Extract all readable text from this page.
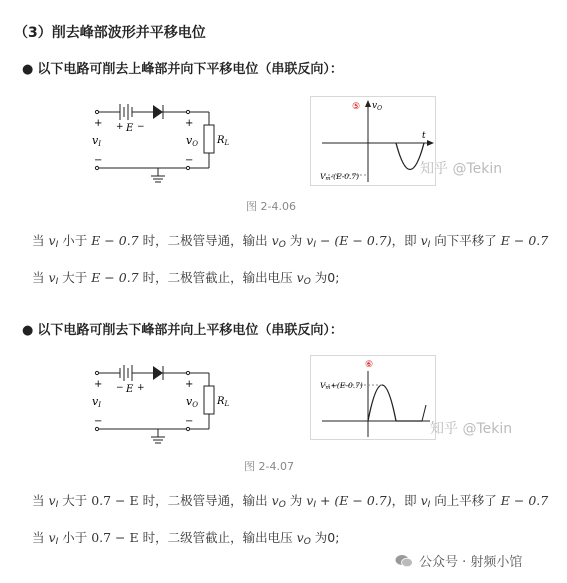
（3）削去峰部波形并平移电位
● 以下电路可削去上峰部并向下平移电位（串联反向）：
+
−
+
−
+ E −
vI	vO $R_L$
⑤ $v_O$
t
Vm-(E-0.7)	知乎 @Tekin
图 2-4.06
当 $v_I$ 小于 E − 0.7 时，二极管导通，输出 $v_O$ 为 $v_I - (E - 0.7)$，即 $v_I$ 向下平移了 E − 0.7
当 $v_I$ 大于 E − 0.7 时，二极管截止，输出电压 $v_O$ 为0;
● 以下电路可削去下峰部并向上平移电位（串联反向）：
+
−
+
−
− E +
vI	vO $R_L$
⑥
Vm+(E-0.7)
知乎 @Tekin
图 2-4.07
当 $v_I$ 大于 0.7 − E 时，二极管导通，输出 $v_O$ 为 $v_I + (E - 0.7)$，即 $v_I$ 向上平移了 E − 0.7
当 $v_I$ 小于 0.7 − E 时，二级管截止，输出电压 $v_O$ 为0;
公众号 · 射频小馆
